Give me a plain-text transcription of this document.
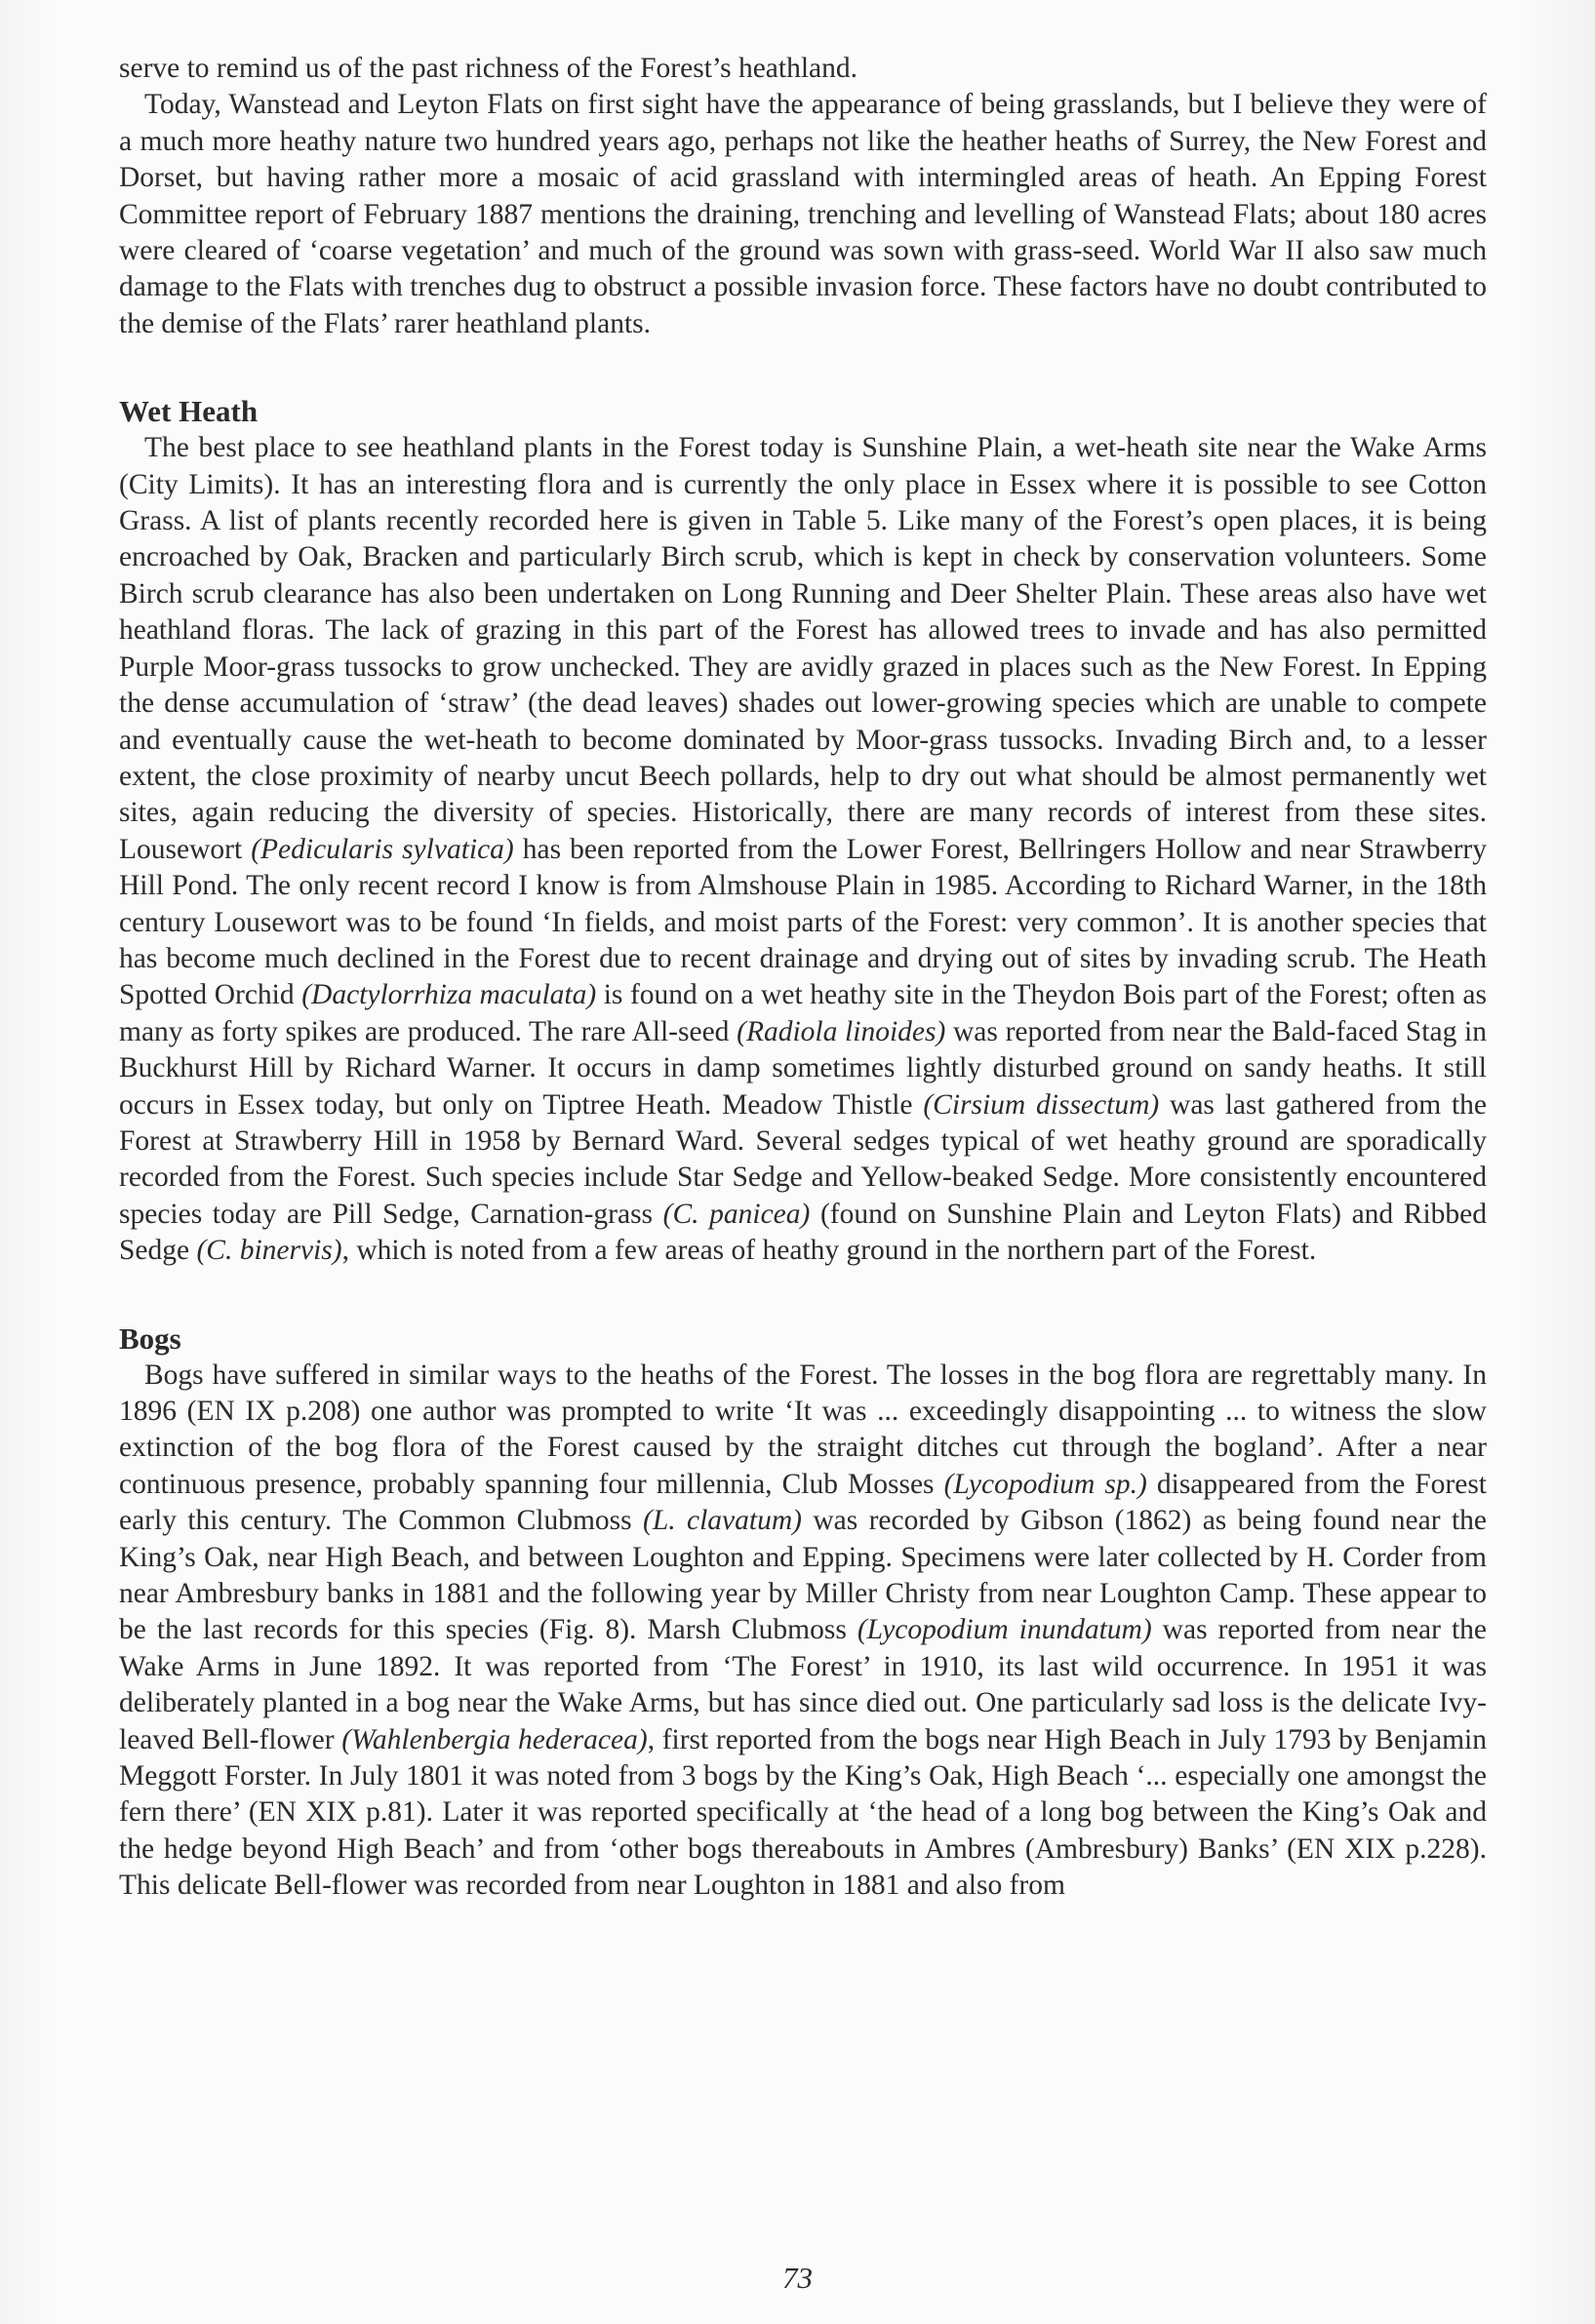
serve to remind us of the past richness of the Forest’s heathland.

Today, Wanstead and Leyton Flats on first sight have the appearance of being grasslands, but I believe they were of a much more heathy nature two hundred years ago, perhaps not like the heather heaths of Surrey, the New Forest and Dorset, but having rather more a mosaic of acid grassland with intermingled areas of heath. An Epping Forest Committee report of February 1887 mentions the draining, trenching and levelling of Wanstead Flats; about 180 acres were cleared of ‘coarse vegetation’ and much of the ground was sown with grass-seed. World War II also saw much damage to the Flats with trenches dug to obstruct a possible invasion force. These factors have no doubt contributed to the demise of the Flats’ rarer heathland plants.

Wet Heath

The best place to see heathland plants in the Forest today is Sunshine Plain, a wet-heath site near the Wake Arms (City Limits). It has an interesting flora and is currently the only place in Essex where it is possible to see Cotton Grass. A list of plants recently recorded here is given in Table 5. Like many of the Forest’s open places, it is being encroached by Oak, Bracken and particularly Birch scrub, which is kept in check by conservation volunteers. Some Birch scrub clearance has also been undertaken on Long Running and Deer Shelter Plain. These areas also have wet heathland floras. The lack of grazing in this part of the Forest has allowed trees to invade and has also permitted Purple Moor-grass tussocks to grow unchecked. They are avidly grazed in places such as the New Forest. In Epping the dense accumulation of ‘straw’ (the dead leaves) shades out lower-growing species which are unable to compete and eventually cause the wet-heath to become dominated by Moor-grass tussocks. Invading Birch and, to a lesser extent, the close proximity of nearby uncut Beech pollards, help to dry out what should be almost permanently wet sites, again reducing the diversity of species. Historically, there are many records of interest from these sites. Lousewort (Pedicularis sylvatica) has been reported from the Lower Forest, Bellringers Hollow and near Strawberry Hill Pond. The only recent record I know is from Almshouse Plain in 1985. According to Richard Warner, in the 18th century Lousewort was to be found ‘In fields, and moist parts of the Forest: very common’. It is another species that has become much declined in the Forest due to recent drainage and drying out of sites by invading scrub. The Heath Spotted Orchid (Dactylorrhiza maculata) is found on a wet heathy site in the Theydon Bois part of the Forest; often as many as forty spikes are produced. The rare All-seed (Radiola linoides) was reported from near the Bald-faced Stag in Buckhurst Hill by Richard Warner. It occurs in damp sometimes lightly disturbed ground on sandy heaths. It still occurs in Essex today, but only on Tiptree Heath. Meadow Thistle (Cirsium dissectum) was last gathered from the Forest at Strawberry Hill in 1958 by Bernard Ward. Several sedges typical of wet heathy ground are sporadically recorded from the Forest. Such species include Star Sedge and Yellow-beaked Sedge. More consistently encountered species today are Pill Sedge, Carnation-grass (C. panicea) (found on Sunshine Plain and Leyton Flats) and Ribbed Sedge (C. binervis), which is noted from a few areas of heathy ground in the northern part of the Forest.

Bogs

Bogs have suffered in similar ways to the heaths of the Forest. The losses in the bog flora are regrettably many. In 1896 (EN IX p.208) one author was prompted to write ‘It was ... exceedingly disappointing ... to witness the slow extinction of the bog flora of the Forest caused by the straight ditches cut through the bogland’. After a near continuous presence, probably spanning four millennia, Club Mosses (Lycopodium sp.) disappeared from the Forest early this century. The Common Clubmoss (L. clavatum) was recorded by Gibson (1862) as being found near the King’s Oak, near High Beach, and between Loughton and Epping. Specimens were later collected by H. Corder from near Ambresbury banks in 1881 and the following year by Miller Christy from near Loughton Camp. These appear to be the last records for this species (Fig. 8). Marsh Clubmoss (Lycopodium inundatum) was reported from near the Wake Arms in June 1892. It was reported from ‘The Forest’ in 1910, its last wild occurrence. In 1951 it was deliberately planted in a bog near the Wake Arms, but has since died out. One particularly sad loss is the delicate Ivy-leaved Bell-flower (Wahlenbergia hederacea), first reported from the bogs near High Beach in July 1793 by Benjamin Meggott Forster. In July 1801 it was noted from 3 bogs by the King’s Oak, High Beach ‘... especially one amongst the fern there’ (EN XIX p.81). Later it was reported specifically at ‘the head of a long bog between the King’s Oak and the hedge beyond High Beach’ and from ‘other bogs thereabouts in Ambres (Ambresbury) Banks’ (EN XIX p.228). This delicate Bell-flower was recorded from near Loughton in 1881 and also from

73
